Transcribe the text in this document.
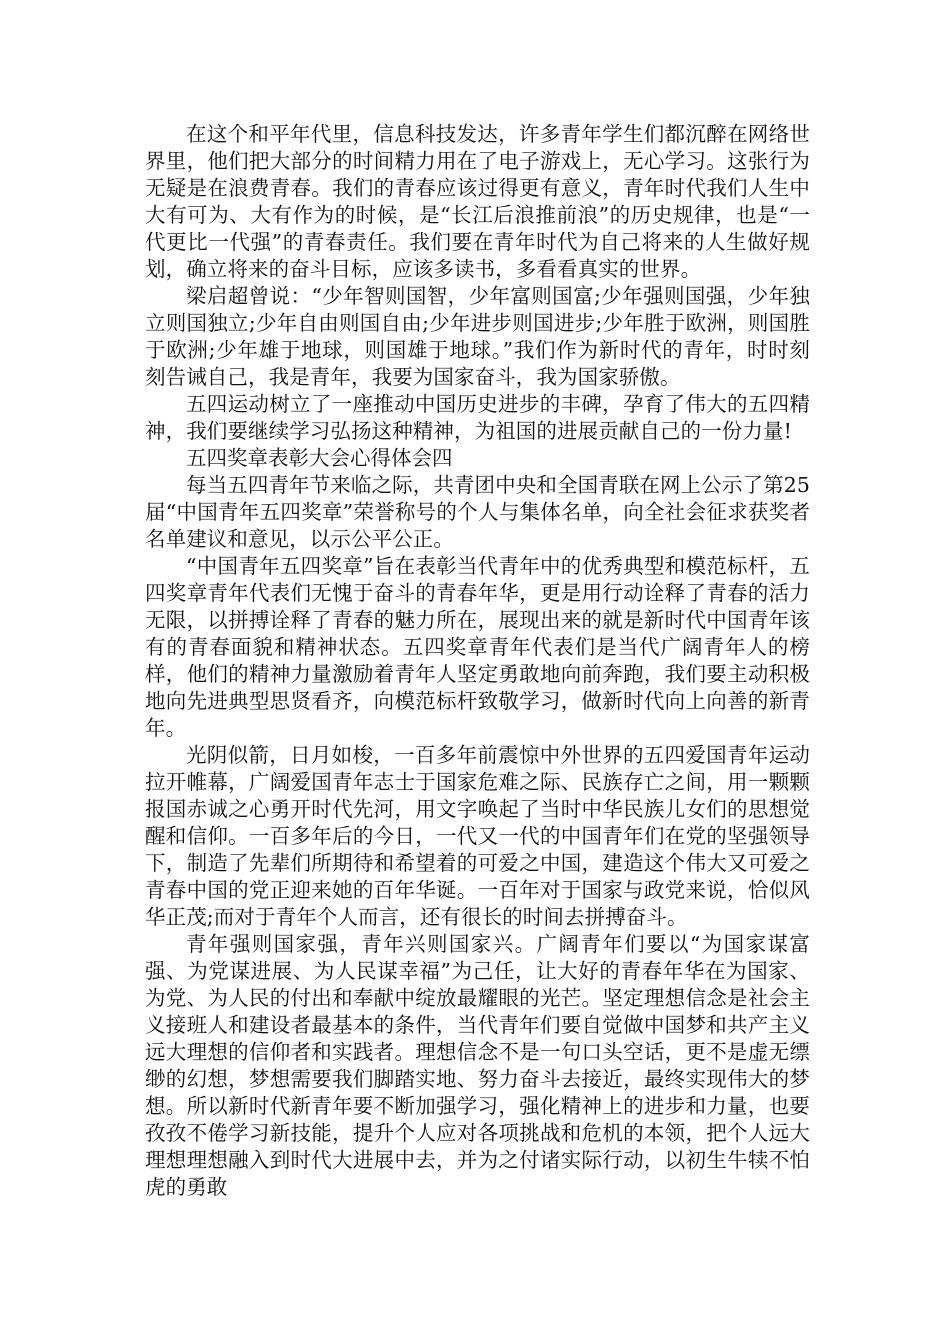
在这个和平年代里，信息科技发达，许多青年学生们都沉醉在网络世界里，他们把大部分的时间精力用在了电子游戏上，无心学习。这张行为无疑是在浪费青春。我们的青春应该过得更有意义，青年时代我们人生中大有可为、大有作为的时候，是“长江后浪推前浪”的历史规律，也是“一代更比一代强”的青春责任。我们要在青年时代为自己将来的人生做好规划，确立将来的奋斗目标，应该多读书，多看看真实的世界。

梁启超曾说：“少年智则国智，少年富则国富;少年强则国强，少年独立则国独立;少年自由则国自由;少年进步则国进步;少年胜于欧洲，则国胜于欧洲;少年雄于地球，则国雄于地球。”我们作为新时代的青年，时时刻刻告诫自己，我是青年，我要为国家奋斗，我为国家骄傲。

五四运动树立了一座推动中国历史进步的丰碑，孕育了伟大的五四精神，我们要继续学习弘扬这种精神，为祖国的进展贡献自己的一份力量!

五四奖章表彰大会心得体会四

每当五四青年节来临之际，共青团中央和全国青联在网上公示了第25届“中国青年五四奖章”荣誉称号的个人与集体名单，向全社会征求获奖者名单建议和意见，以示公平公正。

“中国青年五四奖章”旨在表彰当代青年中的优秀典型和模范标杆，五四奖章青年代表们无愧于奋斗的青春年华，更是用行动诠释了青春的活力无限，以拼搏诠释了青春的魅力所在，展现出来的就是新时代中国青年该有的青春面貌和精神状态。五四奖章青年代表们是当代广阔青年人的榜样，他们的精神力量激励着青年人坚定勇敢地向前奔跑，我们要主动积极地向先进典型思贤看齐，向模范标杆致敬学习，做新时代向上向善的新青年。

光阴似箭，日月如梭，一百多年前震惊中外世界的五四爱国青年运动拉开帷幕，广阔爱国青年志士于国家危难之际、民族存亡之间，用一颗颗报国赤诚之心勇开时代先河，用文字唤起了当时中华民族儿女们的思想觉醒和信仰。一百多年后的今日，一代又一代的中国青年们在党的坚强领导下，制造了先辈们所期待和希望着的可爱之中国，建造这个伟大又可爱之青春中国的党正迎来她的百年华诞。一百年对于国家与政党来说，恰似风华正茂;而对于青年个人而言，还有很长的时间去拼搏奋斗。

青年强则国家强，青年兴则国家兴。广阔青年们要以“为国家谋富强、为党谋进展、为人民谋幸福”为己任，让大好的青春年华在为国家、为党、为人民的付出和奉献中绽放最耀眼的光芒。坚定理想信念是社会主义接班人和建设者最基本的条件，当代青年们要自觉做中国梦和共产主义远大理想的信仰者和实践者。理想信念不是一句口头空话，更不是虚无缥缈的幻想，梦想需要我们脚踏实地、努力奋斗去接近，最终实现伟大的梦想。所以新时代新青年要不断加强学习，强化精神上的进步和力量，也要孜孜不倦学习新技能，提升个人应对各项挑战和危机的本领，把个人远大理想理想融入到时代大进展中去，并为之付诸实际行动，以初生牛犊不怕虎的勇敢
